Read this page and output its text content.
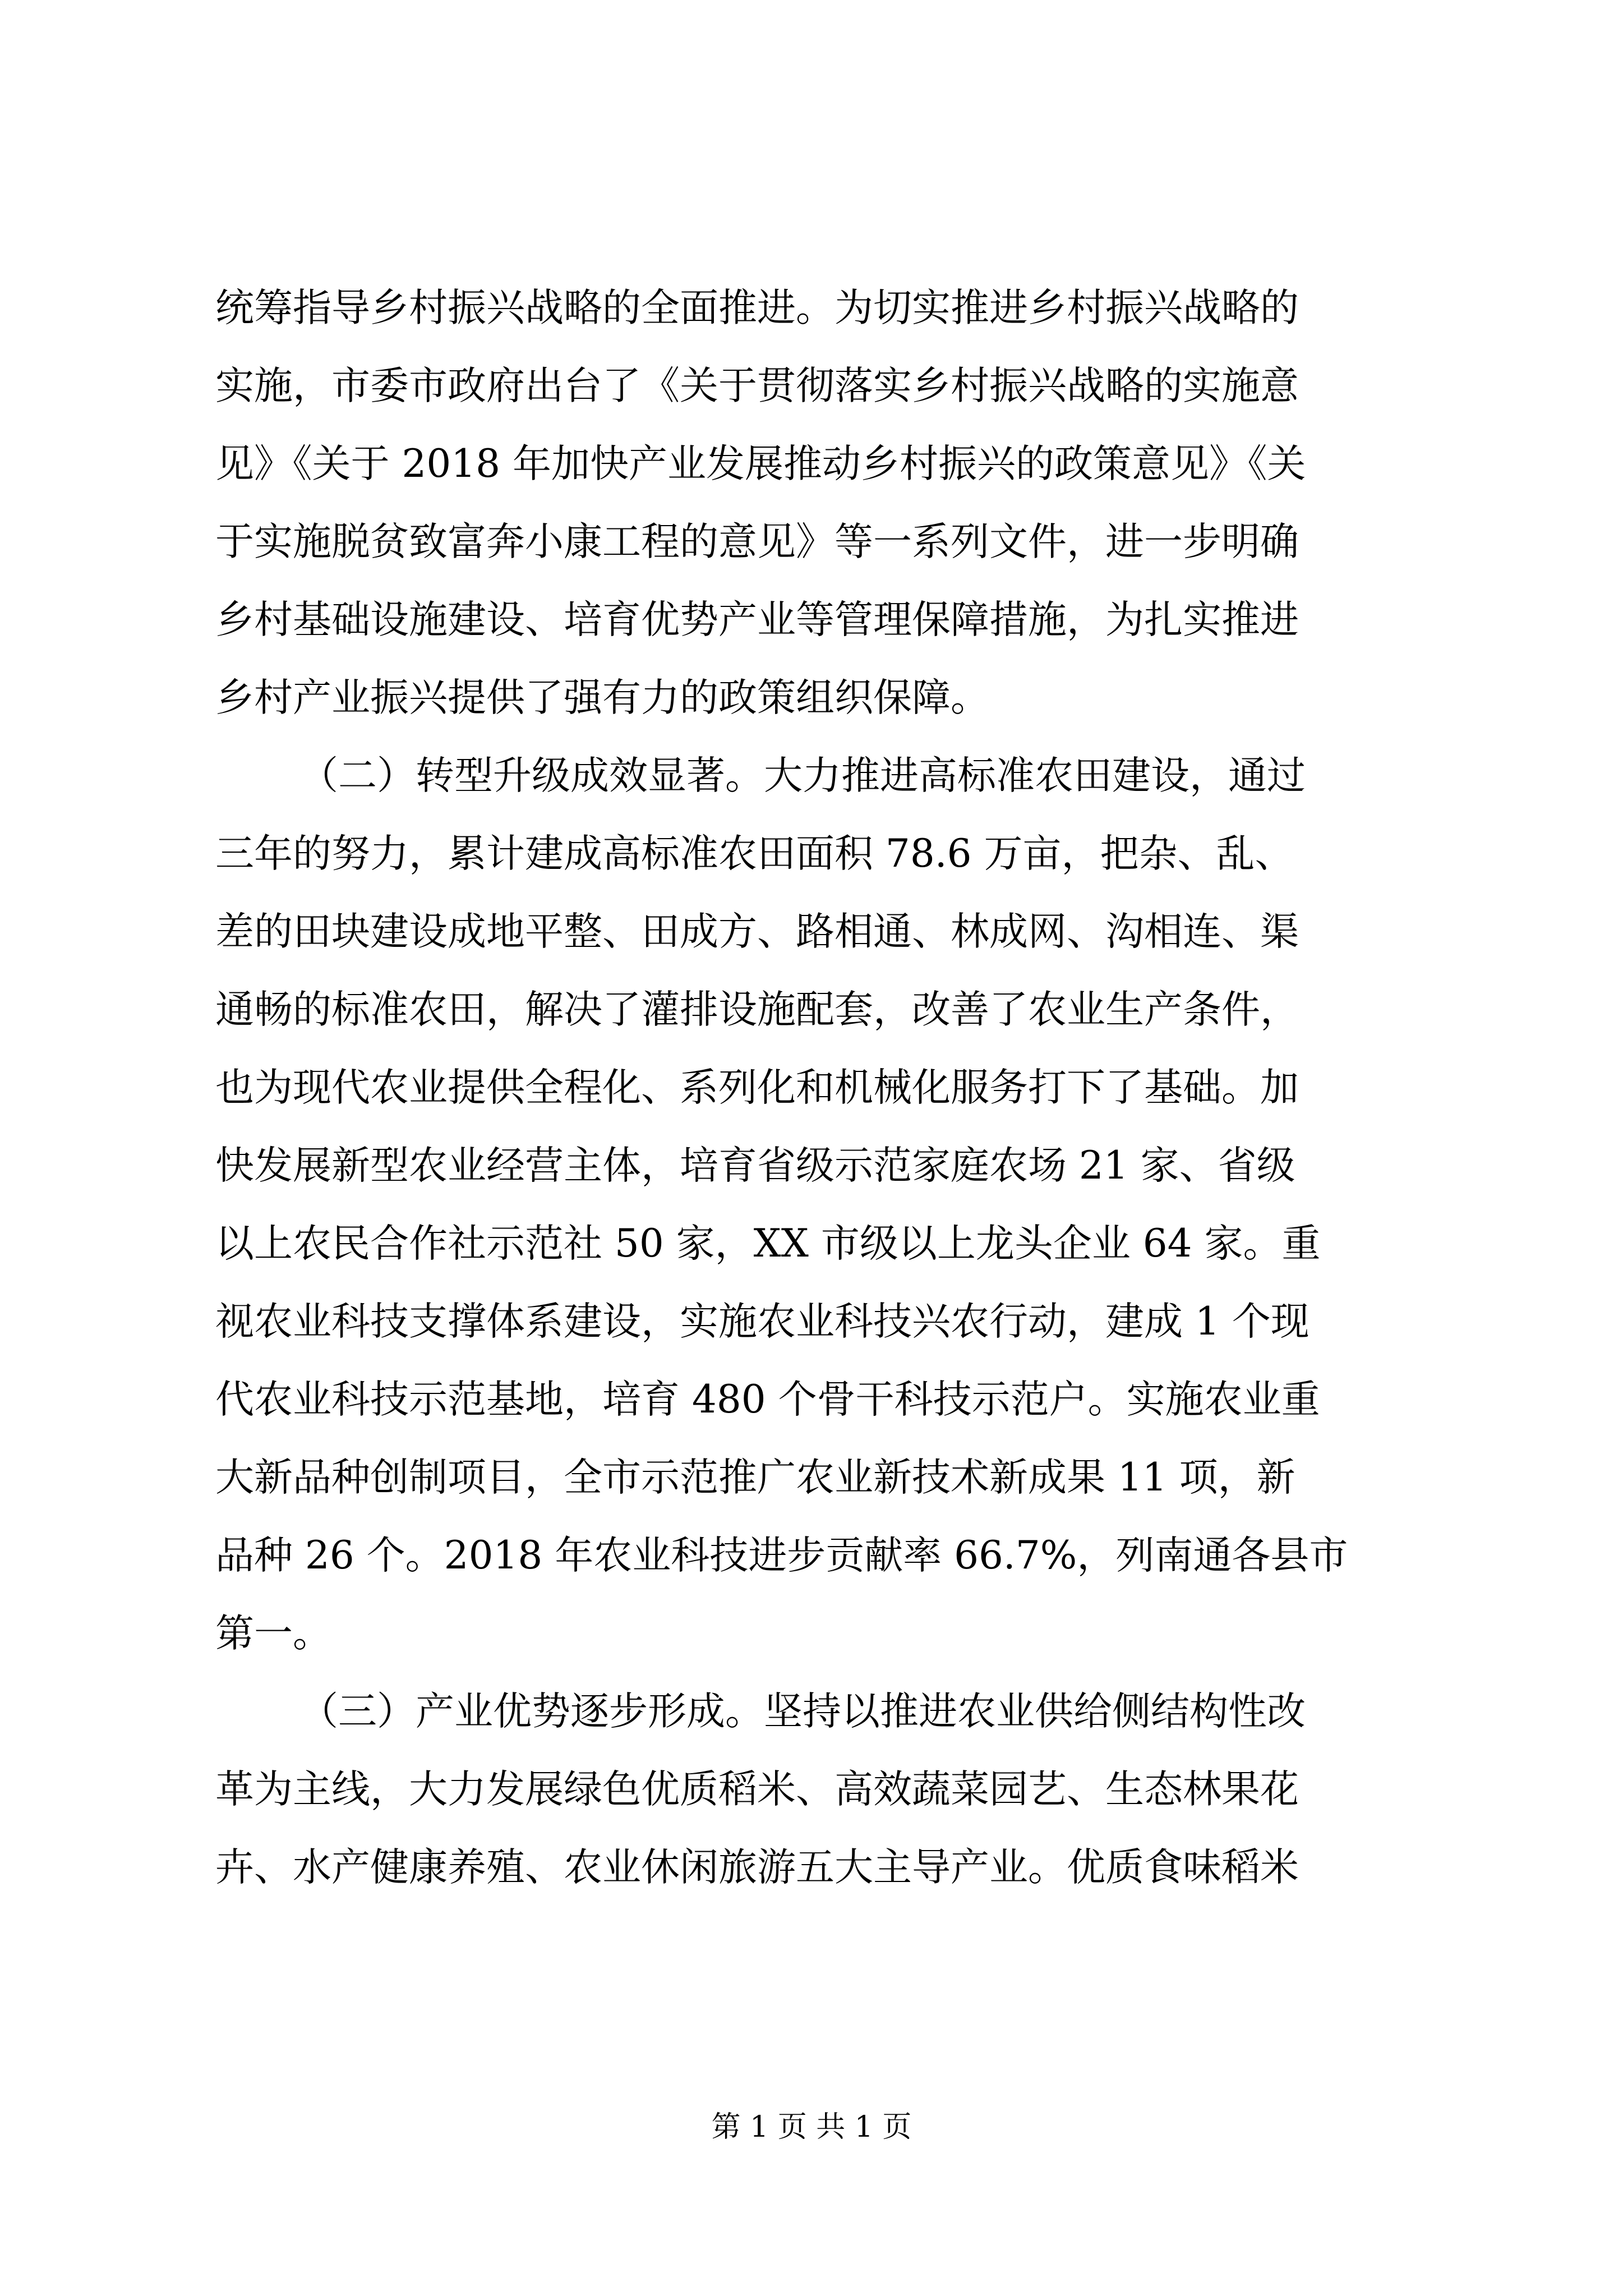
统筹指导乡村振兴战略的全面推进。为切实推进乡村振兴战略的
实施，市委市政府出台了《关于贯彻落实乡村振兴战略的实施意
见》《关于 2018 年加快产业发展推动乡村振兴的政策意见》《关
于实施脱贫致富奔小康工程的意见》等一系列文件，进一步明确
乡村基础设施建设、培育优势产业等管理保障措施，为扎实推进
乡村产业振兴提供了强有力的政策组织保障。
（二）转型升级成效显著。大力推进高标准农田建设，通过
三年的努力，累计建成高标准农田面积 78.6 万亩，把杂、乱、
差的田块建设成地平整、田成方、路相通、林成网、沟相连、渠
通畅的标准农田，解决了灌排设施配套，改善了农业生产条件，
也为现代农业提供全程化、系列化和机械化服务打下了基础。加
快发展新型农业经营主体，培育省级示范家庭农场 21 家、省级
以上农民合作社示范社 50 家，XX 市级以上龙头企业 64 家。重
视农业科技支撑体系建设，实施农业科技兴农行动，建成 1 个现
代农业科技示范基地，培育 480 个骨干科技示范户。实施农业重
大新品种创制项目，全市示范推广农业新技术新成果 11 项，新
品种 26 个。2018 年农业科技进步贡献率 66.7%，列南通各县市
第一。
（三）产业优势逐步形成。坚持以推进农业供给侧结构性改
革为主线，大力发展绿色优质稻米、高效蔬菜园艺、生态林果花
卉、水产健康养殖、农业休闲旅游五大主导产业。优质食味稻米
第 1 页 共 1 页
